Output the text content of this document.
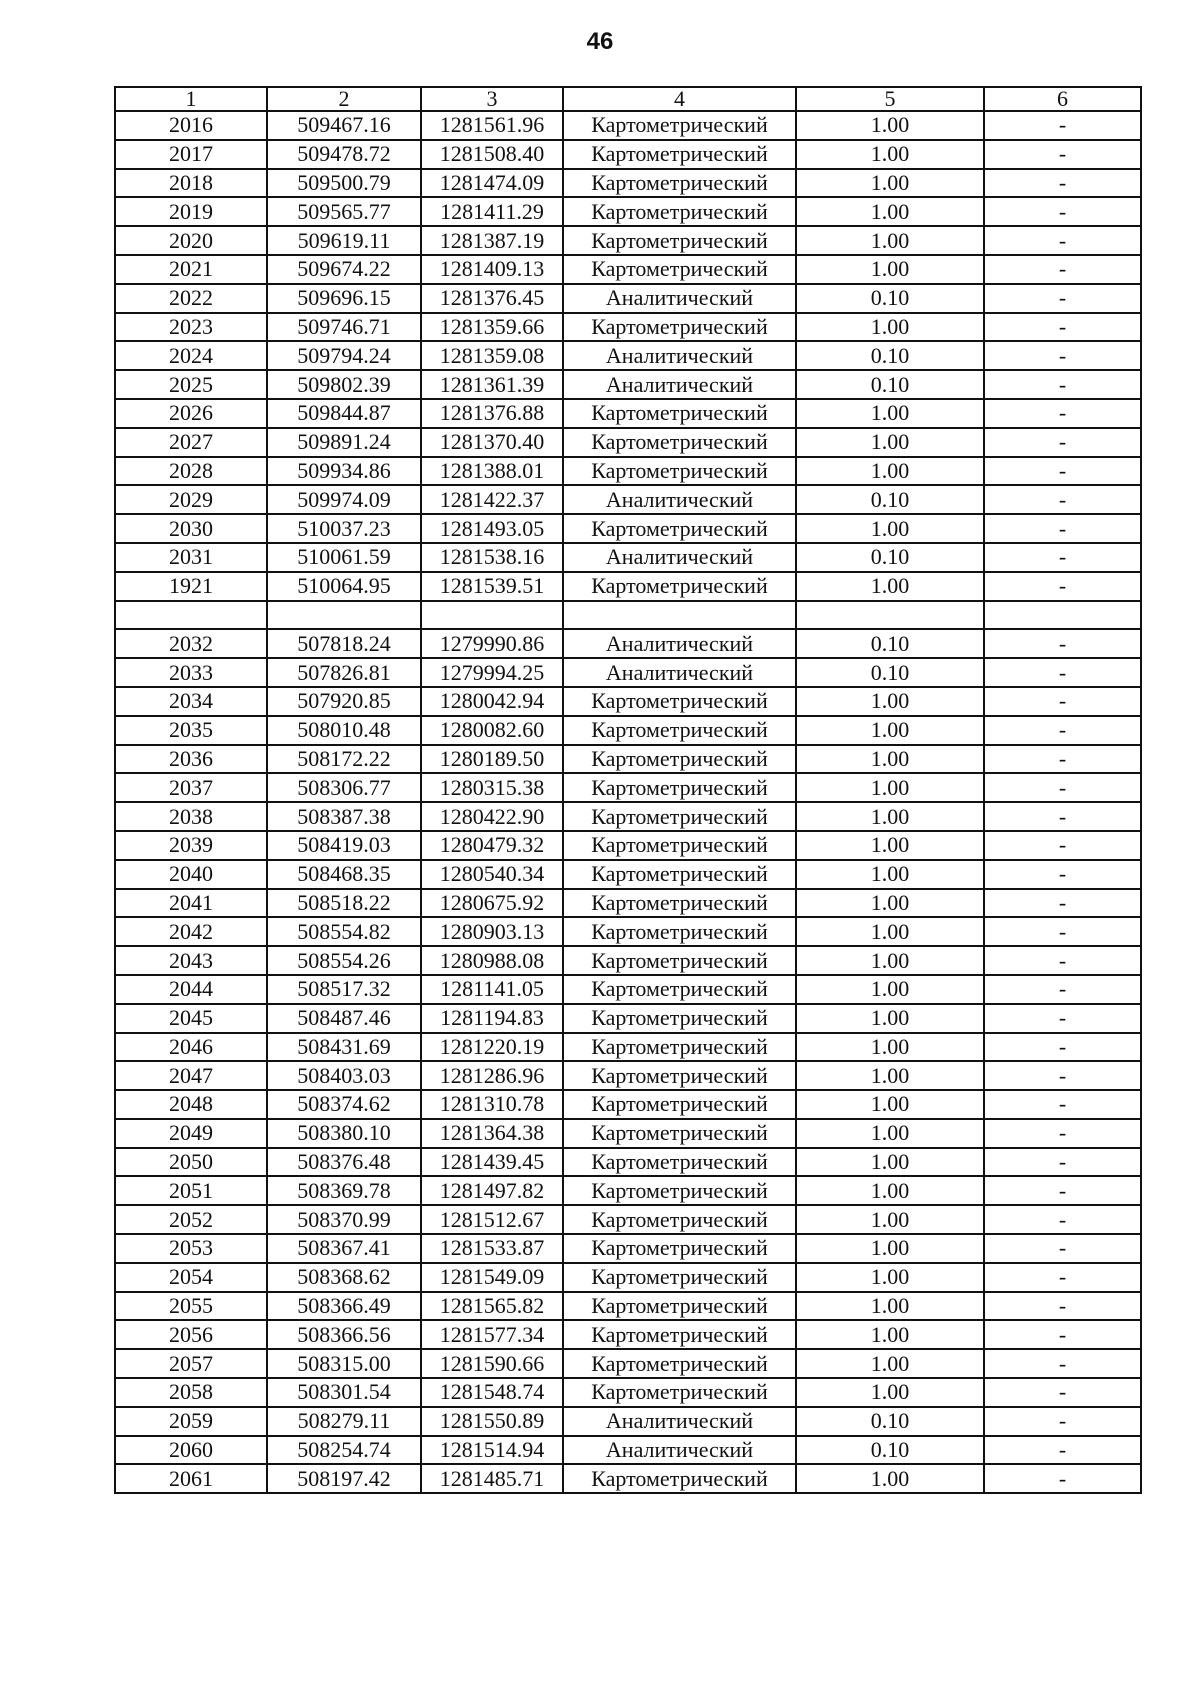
46
1	2	3	4	5	6
2016	509467.16	1281561.96	Картометрический	1.00	-
2017	509478.72	1281508.40	Картометрический	1.00	-
2018	509500.79	1281474.09	Картометрический	1.00	-
2019	509565.77	1281411.29	Картометрический	1.00	-
2020	509619.11	1281387.19	Картометрический	1.00	-
2021	509674.22	1281409.13	Картометрический	1.00	-
2022	509696.15	1281376.45	Аналитический	0.10	-
2023	509746.71	1281359.66	Картометрический	1.00	-
2024	509794.24	1281359.08	Аналитический	0.10	-
2025	509802.39	1281361.39	Аналитический	0.10	-
2026	509844.87	1281376.88	Картометрический	1.00	-
2027	509891.24	1281370.40	Картометрический	1.00	-
2028	509934.86	1281388.01	Картометрический	1.00	-
2029	509974.09	1281422.37	Аналитический	0.10	-
2030	510037.23	1281493.05	Картометрический	1.00	-
2031	510061.59	1281538.16	Аналитический	0.10	-
1921	510064.95	1281539.51	Картометрический	1.00	-

2032	507818.24	1279990.86	Аналитический	0.10	-
2033	507826.81	1279994.25	Аналитический	0.10	-
2034	507920.85	1280042.94	Картометрический	1.00	-
2035	508010.48	1280082.60	Картометрический	1.00	-
2036	508172.22	1280189.50	Картометрический	1.00	-
2037	508306.77	1280315.38	Картометрический	1.00	-
2038	508387.38	1280422.90	Картометрический	1.00	-
2039	508419.03	1280479.32	Картометрический	1.00	-
2040	508468.35	1280540.34	Картометрический	1.00	-
2041	508518.22	1280675.92	Картометрический	1.00	-
2042	508554.82	1280903.13	Картометрический	1.00	-
2043	508554.26	1280988.08	Картометрический	1.00	-
2044	508517.32	1281141.05	Картометрический	1.00	-
2045	508487.46	1281194.83	Картометрический	1.00	-
2046	508431.69	1281220.19	Картометрический	1.00	-
2047	508403.03	1281286.96	Картометрический	1.00	-
2048	508374.62	1281310.78	Картометрический	1.00	-
2049	508380.10	1281364.38	Картометрический	1.00	-
2050	508376.48	1281439.45	Картометрический	1.00	-
2051	508369.78	1281497.82	Картометрический	1.00	-
2052	508370.99	1281512.67	Картометрический	1.00	-
2053	508367.41	1281533.87	Картометрический	1.00	-
2054	508368.62	1281549.09	Картометрический	1.00	-
2055	508366.49	1281565.82	Картометрический	1.00	-
2056	508366.56	1281577.34	Картометрический	1.00	-
2057	508315.00	1281590.66	Картометрический	1.00	-
2058	508301.54	1281548.74	Картометрический	1.00	-
2059	508279.11	1281550.89	Аналитический	0.10	-
2060	508254.74	1281514.94	Аналитический	0.10	-
2061	508197.42	1281485.71	Картометрический	1.00	-
